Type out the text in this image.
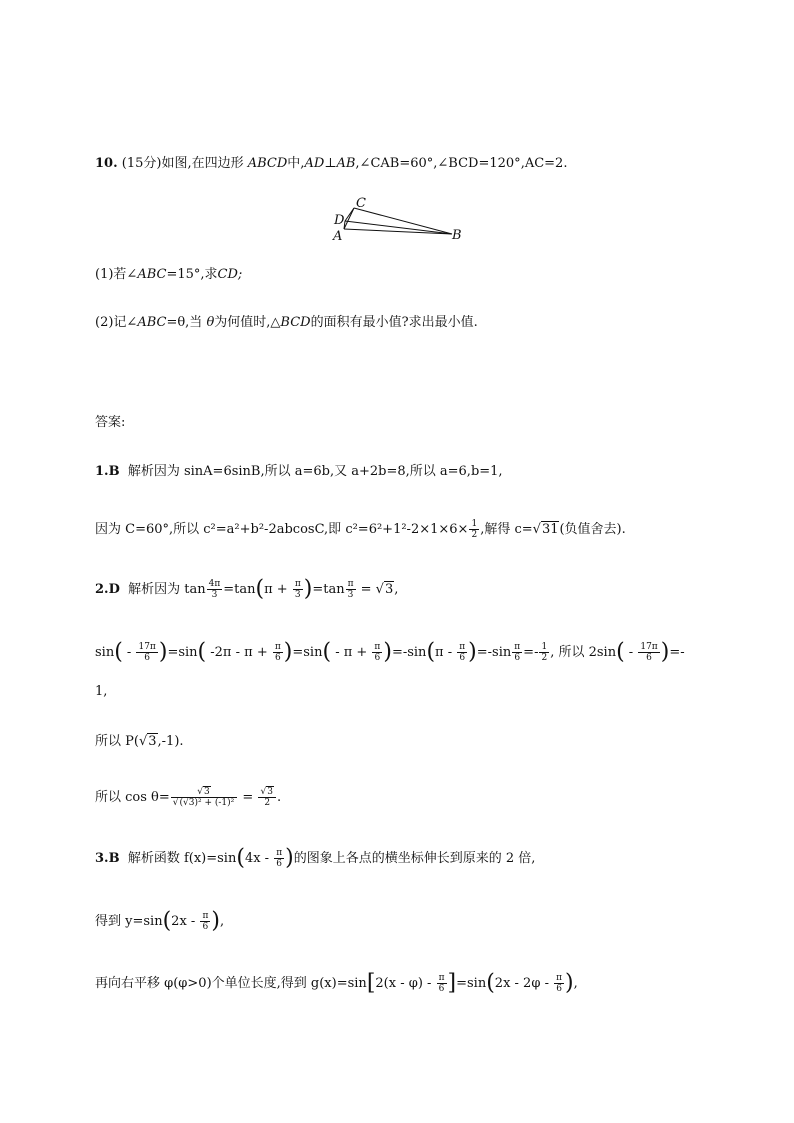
10. (15分)如图,在四边形 ABCD中,AD⊥AB,∠CAB=60°,∠BCD=120°,AC=2.
C
D
A	B
(1)若∠ABC=15°,求CD;
(2)记∠ABC=θ,当 θ为何值时,△BCD的面积有最小值?求出最小值.
答案:
1.B 解析因为 sinA=6sinB,所以 a=6b,又 a+2b=8,所以 a=6,b=1,
因为 C=60°,所以 c²=a²+b²-2abcosC,即 $c^2=6^2+1^2-2\times 1\times 6\times \frac{1}{2}$ ,解得 c=√31(负值舍去).
2.D 解析因为 $\tan \frac{4\pi}{3} =\tan(\pi + \frac{\pi}{3} )=\tan \frac{\pi}{3} = √3$,
$\sin( - \frac{17\pi}{6} )=\sin$( $-2\pi - \pi + \frac{\pi}{6} )=\sin( - \pi + \frac{\pi}{6} )=-\sin(\pi - \frac{\pi}{6} )=-\sin \frac{\pi}{6} =- \frac{1}{2}$ , 所以 $2\sin( - \frac{17\pi}{6}$ )=-
1,
所以 P(√3,-1).
所以 $\cos \theta= \frac{√3}{\text{√(√3)² + (-1)²}} = \frac{√3}{2}$ .
3.B 解析函数 $f(x)=\sin(4x - \frac{\pi}{6}$ )的图象上各点的横坐标伸长到原来的 2 倍,
得到 $y=\sin(2x - \frac{\pi}{6}$ ),
再向右平移 φ(φ>0)个单位长度,得到 $g(x)=\sin[2(x - \varphi) - \frac{\pi}{6} ]=\sin(2x - 2\varphi - \frac{\pi}{6}$ ),
